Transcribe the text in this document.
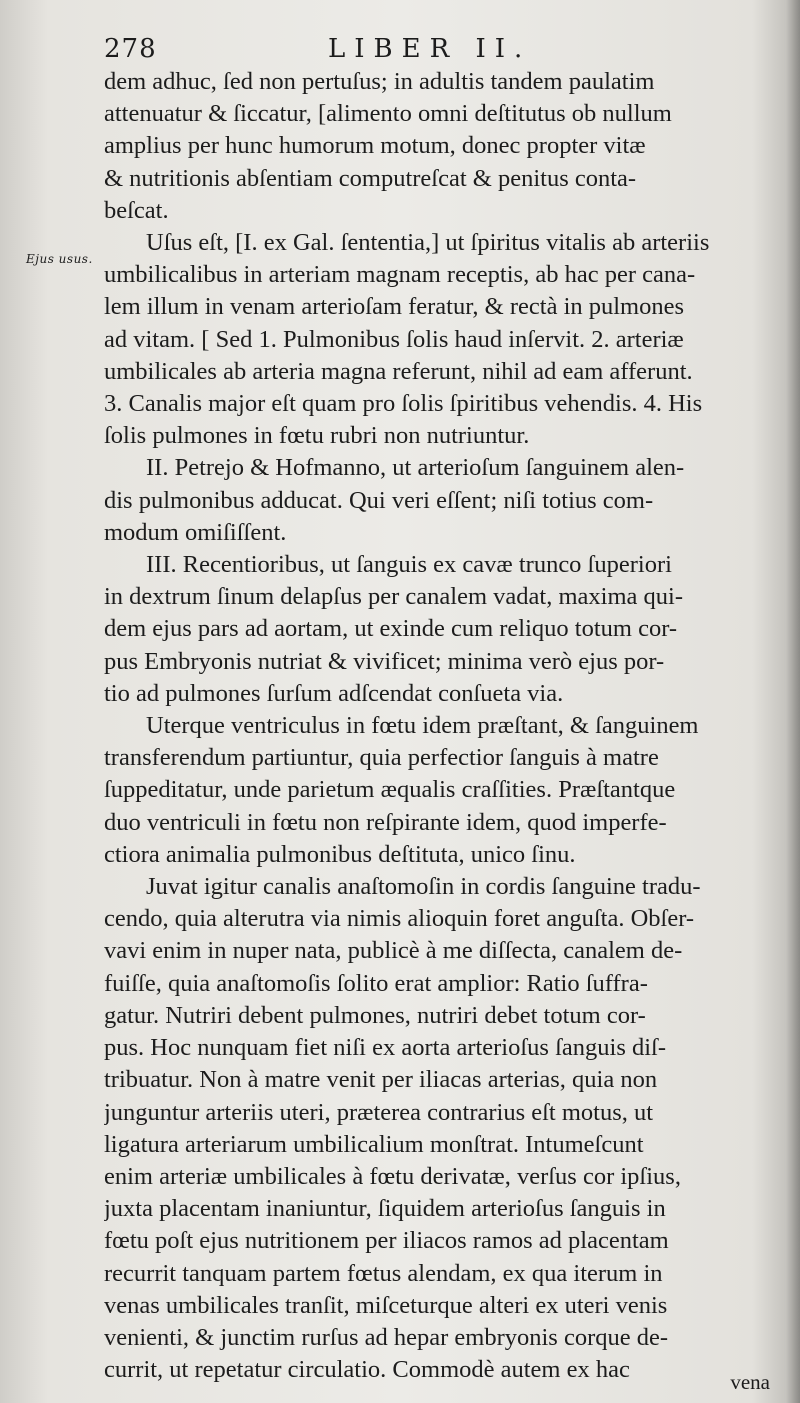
278	LIBER II.
Ejus usus.
dem adhuc, ſed non pertuſus; in adultis tandem paulatim
attenuatur & ſiccatur, [alimento omni deſtitutus ob nullum
amplius per hunc humorum motum, donec propter vitæ
& nutritionis abſentiam computreſcat & penitus conta-
beſcat.
Uſus eſt, [I. ex Gal. ſententia,] ut ſpiritus vitalis ab arteriis
umbilicalibus in arteriam magnam receptis, ab hac per cana-
lem illum in venam arterioſam feratur, & rectà in pulmones
ad vitam. [ Sed 1. Pulmonibus ſolis haud inſervit. 2. arteriæ
umbilicales ab arteria magna referunt, nihil ad eam afferunt.
3. Canalis major eſt quam pro ſolis ſpiritibus vehendis. 4. His
ſolis pulmones in fœtu rubri non nutriuntur.
II. Petrejo & Hofmanno, ut arterioſum ſanguinem alen-
dis pulmonibus adducat. Qui veri eſſent; niſi totius com-
modum omiſiſſent.
III. Recentioribus, ut ſanguis ex cavæ trunco ſuperiori
in dextrum ſinum delapſus per canalem vadat, maxima qui-
dem ejus pars ad aortam, ut exinde cum reliquo totum cor-
pus Embryonis nutriat & vivificet; minima verò ejus por-
tio ad pulmones ſurſum adſcendat conſueta via.
Uterque ventriculus in fœtu idem præſtant, & ſanguinem
transferendum partiuntur, quia perfectior ſanguis à matre
ſuppeditatur, unde parietum æqualis craſſities. Præſtantque
duo ventriculi in fœtu non reſpirante idem, quod imperfe-
ctiora animalia pulmonibus deſtituta, unico ſinu.
Juvat igitur canalis anaſtomoſin in cordis ſanguine tradu-
cendo, quia alterutra via nimis alioquin foret anguſta. Obſer-
vavi enim in nuper nata, publicè à me diſſecta, canalem de-
fuiſſe, quia anaſtomoſis ſolito erat amplior: Ratio ſuffra-
gatur. Nutriri debent pulmones, nutriri debet totum cor-
pus. Hoc nunquam fiet niſi ex aorta arterioſus ſanguis diſ-
tribuatur. Non à matre venit per iliacas arterias, quia non
junguntur arteriis uteri, præterea contrarius eſt motus, ut
ligatura arteriarum umbilicalium monſtrat. Intumeſcunt
enim arteriæ umbilicales à fœtu derivatæ, verſus cor ipſius,
juxta placentam inaniuntur, ſiquidem arterioſus ſanguis in
fœtu poſt ejus nutritionem per iliacos ramos ad placentam
recurrit tanquam partem fœtus alendam, ex qua iterum in
venas umbilicales tranſit, miſceturque alteri ex uteri venis
venienti, & junctim rurſus ad hepar embryonis corque de-
currit, ut repetatur circulatio. Commodè autem ex hac	vena
